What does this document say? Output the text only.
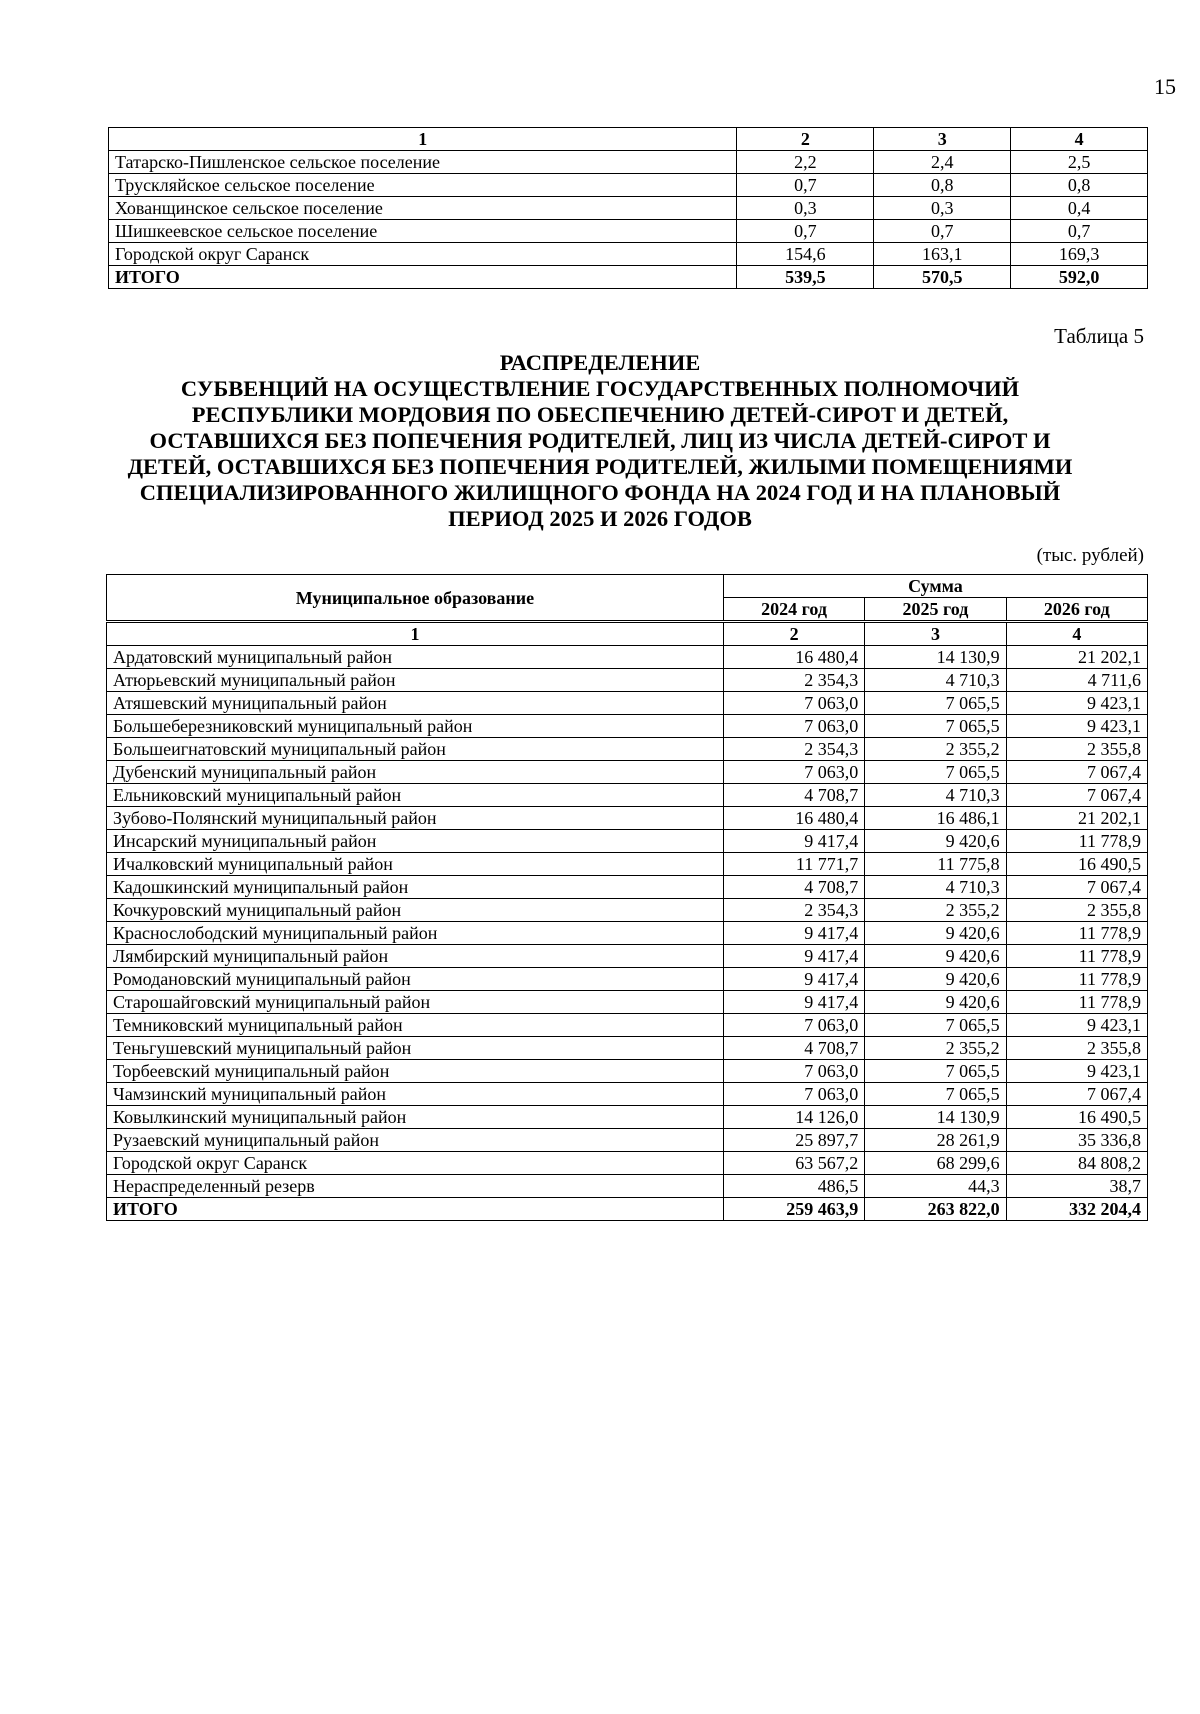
15
1	2	3	4
Татарско-Пишленское сельское поселение	2,2	2,4	2,5
Трускляйское сельское поселение	0,7	0,8	0,8
Хованщинское сельское поселение	0,3	0,3	0,4
Шишкеевское сельское поселение	0,7	0,7	0,7
Городской округ Саранск	154,6	163,1	169,3
ИТОГО	539,5	570,5	592,0
Таблица 5
РАСПРЕДЕЛЕНИЕ
СУБВЕНЦИЙ НА ОСУЩЕСТВЛЕНИЕ ГОСУДАРСТВЕННЫХ ПОЛНОМОЧИЙ
РЕСПУБЛИКИ МОРДОВИЯ ПО ОБЕСПЕЧЕНИЮ ДЕТЕЙ-СИРОТ И ДЕТЕЙ,
ОСТАВШИХСЯ БЕЗ ПОПЕЧЕНИЯ РОДИТЕЛЕЙ, ЛИЦ ИЗ ЧИСЛА ДЕТЕЙ-СИРОТ И
ДЕТЕЙ, ОСТАВШИХСЯ БЕЗ ПОПЕЧЕНИЯ РОДИТЕЛЕЙ, ЖИЛЫМИ ПОМЕЩЕНИЯМИ
СПЕЦИАЛИЗИРОВАННОГО ЖИЛИЩНОГО ФОНДА НА 2024 ГОД И НА ПЛАНОВЫЙ
ПЕРИОД 2025 И 2026 ГОДОВ
(тыс. рублей)
Муниципальное образование	Сумма		
	2024 год	2025 год	2026 год
1	2	3	4
Ардатовский муниципальный район	16 480,4	14 130,9	21 202,1
Атюрьевский муниципальный район	2 354,3	4 710,3	4 711,6
Атяшевский муниципальный район	7 063,0	7 065,5	9 423,1
Большеберезниковский муниципальный район	7 063,0	7 065,5	9 423,1
Большеигнатовский муниципальный район	2 354,3	2 355,2	2 355,8
Дубенский муниципальный район	7 063,0	7 065,5	7 067,4
Ельниковский муниципальный район	4 708,7	4 710,3	7 067,4
Зубово-Полянский муниципальный район	16 480,4	16 486,1	21 202,1
Инсарский муниципальный район	9 417,4	9 420,6	11 778,9
Ичалковский муниципальный район	11 771,7	11 775,8	16 490,5
Кадошкинский муниципальный район	4 708,7	4 710,3	7 067,4
Кочкуровский муниципальный район	2 354,3	2 355,2	2 355,8
Краснослободский муниципальный район	9 417,4	9 420,6	11 778,9
Лямбирский муниципальный район	9 417,4	9 420,6	11 778,9
Ромодановский муниципальный район	9 417,4	9 420,6	11 778,9
Старошайговский муниципальный район	9 417,4	9 420,6	11 778,9
Темниковский муниципальный район	7 063,0	7 065,5	9 423,1
Теньгушевский муниципальный район	4 708,7	2 355,2	2 355,8
Торбеевский муниципальный район	7 063,0	7 065,5	9 423,1
Чамзинский муниципальный район	7 063,0	7 065,5	7 067,4
Ковылкинский муниципальный район	14 126,0	14 130,9	16 490,5
Рузаевский муниципальный район	25 897,7	28 261,9	35 336,8
Городской округ Саранск	63 567,2	68 299,6	84 808,2
Нераспределенный резерв	486,5	44,3	38,7
ИТОГО	259 463,9	263 822,0	332 204,4
